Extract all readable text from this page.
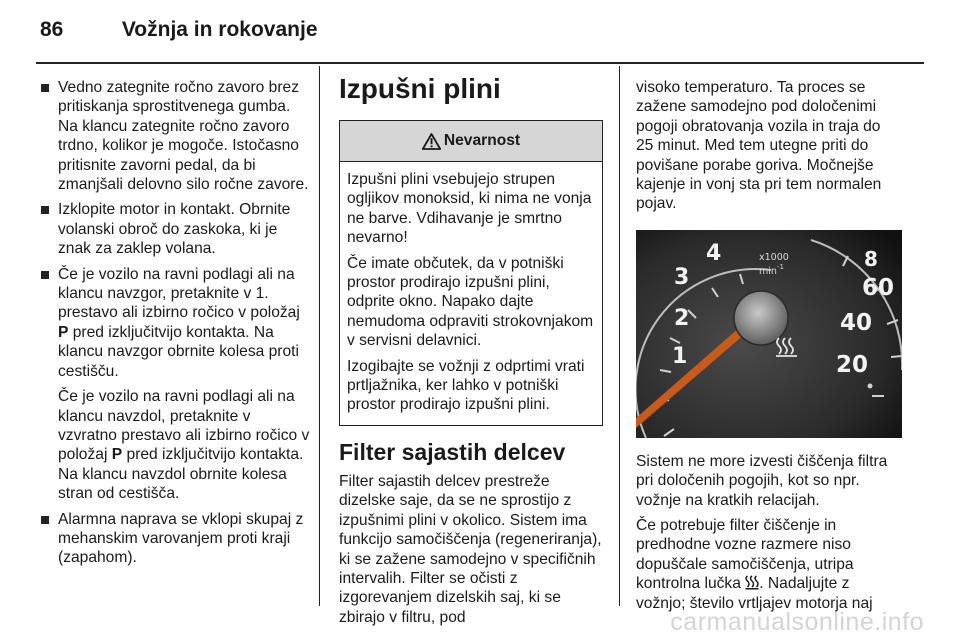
86	Vožnja in rokovanje

Vedno zategnite ročno zavoro brez pritiskanja sprostitvenega gumba. Na klancu zategnite ročno zavoro trdno, kolikor je mogoče. Istočasno pritisnite zavorni pedal, da bi zmanjšali delovno silo ročne zavore.

Izklopite motor in kontakt. Obrnite volanski obroč do zaskoka, ki je znak za zaklep volana.

Če je vozilo na ravni podlagi ali na klancu navzgor, pretaknite v 1. prestavo ali izbirno ročico v položaj P pred izključitvijo kontakta. Na klancu navzgor obrnite kolesa proti cestišču.

Če je vozilo na ravni podlagi ali na klancu navzdol, pretaknite v vzvratno prestavo ali izbirno ročico v položaj P pred izklјučitvijo kontakta. Na klancu navzdol obrnite kolesa stran od cestišča.

Alarmna naprava se vklopi skupaj z mehanskim varovanjem proti kraji (zapahom).

Izpušni plini
Nevarnost

Izpušni plini vsebujejo strupen ogljikov monoksid, ki nima ne vonja ne barve. Vdihavanje je smrtno nevarno!

Če imate občutek, da v potniški prostor prodirajo izpušni plini, odprite okno. Napako dajte nemudoma odpraviti strokovnjakom v servisni delavnici.

Izogibajte se vožnji z odprtimi vrati prtljažnika, ker lahko v potniški prostor prodirajo izpušni plini.

Filter sajastih delcev

Filter sajastih delcev prestreže dizelske saje, da se ne sprostijo z izpušnimi plini v okolico. Sistem ima funkcijo samočiščenja (regeneriranja), ki se zažene samodejno v specifičnih intervalih. Filter se očisti z izgorevanjem dizelskih saj, ki se zbirajo v filtru, pod

visoko temperaturo. Ta proces se zažene samodejno pod določenimi pogoji obratovanja vozila in traja do 25 minut. Med tem utegne priti do povišane porabe goriva. Močnejše kajenje in vonj sta pri tem normalen pojav.

4
3
2
1
x1000
min -1	8
60
40
20

Sistem ne more izvesti čiščenja filtra pri določenih pogojih, kot so npr. vožnje na kratkih relacijah.

Če potrebuje filter čiščenje in predhodne vozne razmere niso dopuščale samočiščenja, utripa kontrolna lučka . Nadaljujte z vožnjo; število vrtljajev motorja naj

carmanualsonline.info
